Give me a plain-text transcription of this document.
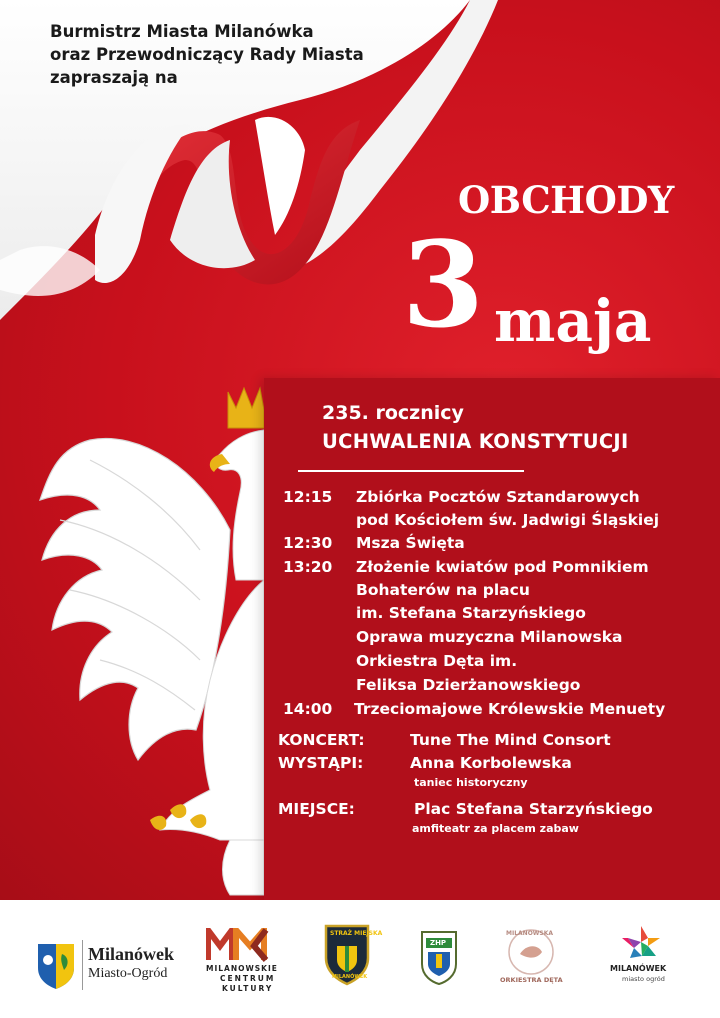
Burmistrz Miasta Milanówka
oraz Przewodniczący Rady Miasta
zapraszają na
OBCHODY
3 maja
235. rocznicy
UCHWALENIA KONSTYTUCJI
12:15 Zbiórka Pocztów Sztandarowych
pod Kościołem św. Jadwigi Śląskiej
12:30 Msza Święta
13:20 Złożenie kwiatów pod Pomnikiem
Bohaterów na placu
im. Stefana Starzyńskiego
Oprawa muzyczna Milanowska
Orkiestra Dęta im.
Feliksa Dzierżanowskiego
14:00 Trzeciomajowe Królewskie Menuety
KONCERT:	Tune The Mind Consort
WYSTĄPI:	Anna Korbolewska
taniec historyczny
MIEJSCE:	Plac Stefana Starzyńskiego
amfiteatr za placem zabaw
Milanówek
Miasto-Ogród	MILANOWSKIE
CENTRUM
KULTURY
STRAŻ MIEJSKA
MILANÓWEK
ZHP
MILANOWSKA
ORKIESTRA DĘTA
MILANÓWEK
miasto ogród
